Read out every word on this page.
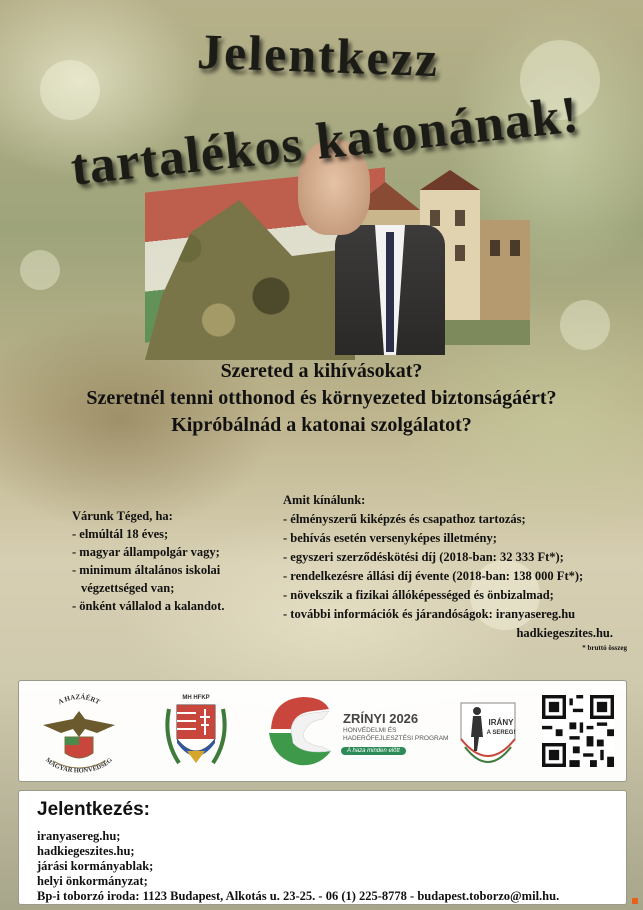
Jelentkezz
tartalékos katonának!
Szereted a kihívásokat?
Szeretnél tenni otthonod és környezeted biztonságáért?
Kipróbálnád a katonai szolgálatot?
Várunk Téged, ha:
- elmúltál 18 éves;
- magyar állampolgár vagy;
- minimum általános iskolai
végzettséged van;
- önként vállalod a kalandot.
Amit kínálunk:
- élményszerű kiképzés és csapathoz tartozás;
- behívás esetén versenyképes illetmény;
- egyszeri szerződéskötési díj (2018-ban: 32 333 Ft*);
- rendelkezésre állási díj évente (2018-ban: 138 000 Ft*);
- növekszik a fizikai állóképességed és önbizalmad;
- további információk és járandóságok: iranyasereg.hu
hadkiegeszites.hu.
* bruttó összeg
A HAZÁÉRT
MAGYAR HONVÉDSÉG
MH HFKP
ZRÍNYI 2026
HONVÉDELMI ÉS
HADERŐFEJLESZTÉSI PROGRAM
A haza minden előtt
IRÁNY
A SEREG!
Jelentkezés:
iranyasereg.hu;
hadkiegeszites.hu;
járási kormányablak;
helyi önkormányzat;
Bp-i toborzó iroda: 1123 Budapest, Alkotás u. 23-25. - 06 (1) 225-8778 - budapest.toborzo@mil.hu.
